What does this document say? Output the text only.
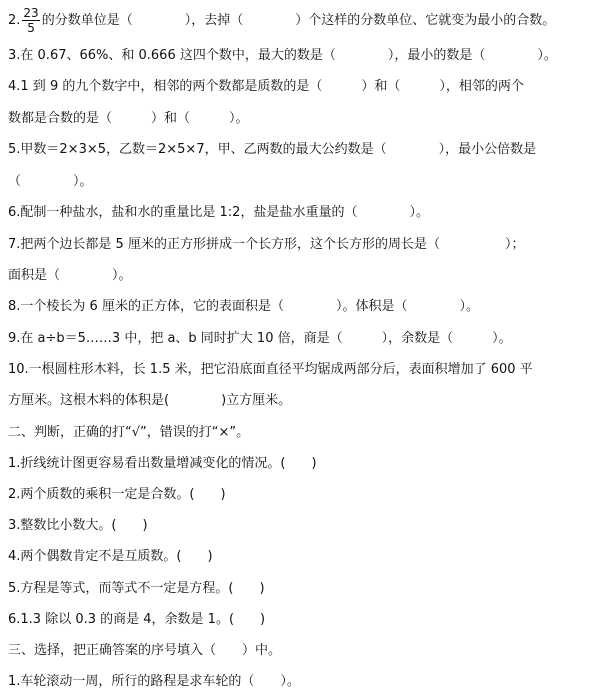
2. $\frac{23}{5}$ 的分数单位是（　　　　），去掉（　　　　）个这样的分数单位、它就变为最小的合数。
3.在 0.67、66%、和 0.666 这四个数中，最大的数是（　　　　），最小的数是（　　　　）。
4.1 到 9 的九个数字中，相邻的两个数都是质数的是（　　　）和（　　　），相邻的两个
数都是合数的是（　　　）和（　　　）。
5.甲数＝2×3×5，乙数＝2×5×7，甲、乙两数的最大公约数是（　　　　），最小公倍数是
（　　　　）。
6.配制一种盐水，盐和水的重量比是 1:2，盐是盐水重量的（　　　　）。
7.把两个边长都是 5 厘米的正方形拼成一个长方形，这个长方形的周长是（　　　　　）；
面积是（　　　　）。
8.一个棱长为 6 厘米的正方体，它的表面积是（　　　　）。体积是（　　　　）。
9.在 a÷b＝5……3 中，把 a、b 同时扩大 10 倍，商是（　　　），余数是（　　　）。
10.一根圆柱形木料，长 1.5 米，把它沿底面直径平均锯成两部分后，表面积增加了 600 平
方厘米。这根木料的体积是(　　　　)立方厘米。
二、判断，正确的打“√”，错误的打“×”。
1.折线统计图更容易看出数量增减变化的情况。(　　)
2.两个质数的乘积一定是合数。(　　)
3.整数比小数大。(　　)
4.两个偶数肯定不是互质数。(　　)
5.方程是等式，而等式不一定是方程。(　　)
6.1.3 除以 0.3 的商是 4，余数是 1。(　　)
三、选择，把正确答案的序号填入（　　）中。
1.车轮滚动一周，所行的路程是求车轮的（　　）。
